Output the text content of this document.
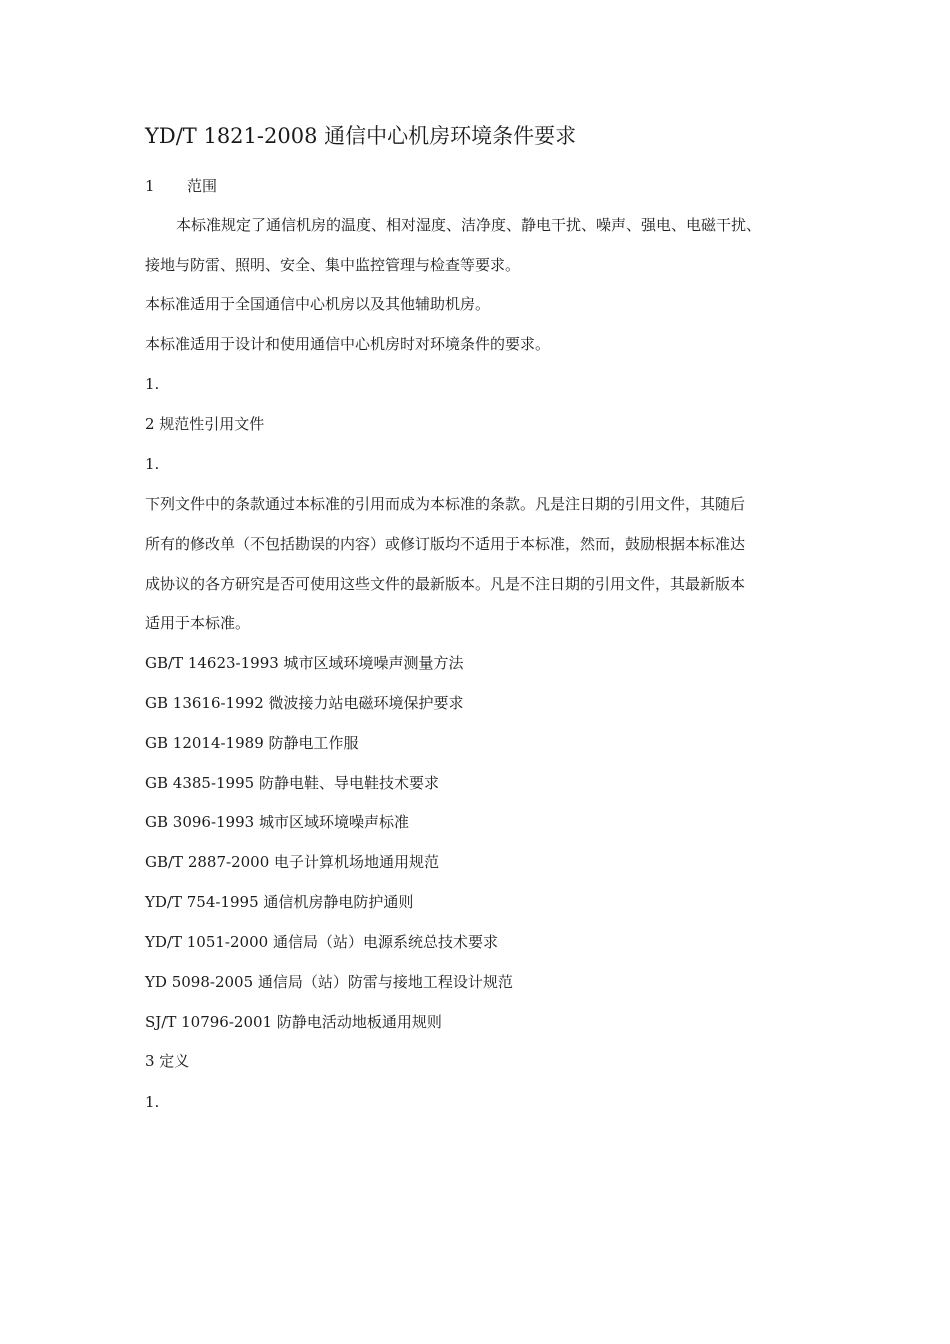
YD/T 1821-2008 通信中心机房环境条件要求

1 范围

本标准规定了通信机房的温度、相对湿度、洁净度、静电干扰、噪声、强电、电磁干扰、

接地与防雷、照明、安全、集中监控管理与检查等要求。

本标准适用于全国通信中心机房以及其他辅助机房。

本标准适用于设计和使用通信中心机房时对环境条件的要求。

1.

2 规范性引用文件

1.

下列文件中的条款通过本标准的引用而成为本标准的条款。凡是注日期的引用文件，其随后

所有的修改单（不包括勘误的内容）或修订版均不适用于本标准，然而，鼓励根据本标准达

成协议的各方研究是否可使用这些文件的最新版本。凡是不注日期的引用文件，其最新版本

适用于本标准。

GB/T 14623-1993 城市区域环境噪声测量方法

GB 13616-1992 微波接力站电磁环境保护要求

GB 12014-1989 防静电工作服

GB 4385-1995 防静电鞋、导电鞋技术要求

GB 3096-1993 城市区域环境噪声标准

GB/T 2887-2000 电子计算机场地通用规范

YD/T 754-1995 通信机房静电防护通则

YD/T 1051-2000 通信局（站）电源系统总技术要求

YD 5098-2005 通信局（站）防雷与接地工程设计规范

SJ/T 10796-2001 防静电活动地板通用规则

3 定义

1.
